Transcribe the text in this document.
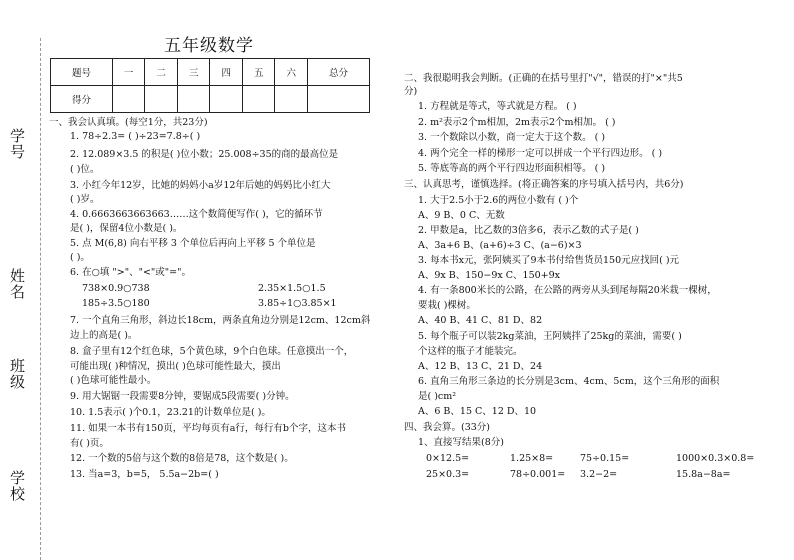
学号
姓名
班级
学校
五年级数学
题号	一	二	三	四	五	六	总分
得分							
一、我会认真填。(每空1分，共23分)
1. 78÷2.3= ( )÷23=7.8÷( )
2. 12.089×3.5 的积是( )位小数；25.008÷35的商的最高位是
( )位。
3. 小红今年12岁，比她的妈妈小a岁12年后她的妈妈比小红大
( )岁。
4. 0.6663663663663……这个数简便写作( )，它的循环节
是( )，保留4位小数是( )。
5. 点 M(6,8) 向右平移 3 个单位后再向上平移 5 个单位是
( )。
6. 在○填 ">"、"<"或"="。
738×0.9○738	2.35×1.5○1.5
185÷3.5○180	3.85÷1○3.85×1
7. 一个直角三角形，斜边长18cm，两条直角边分别是12cm、12cm斜
边上的高是( )。
8. 盒子里有12个红色球，5个黄色球，9个白色球。任意摸出一个，
可能出现( )种情况，摸出( )色球可能性最大，摸出
( )色球可能性最小。
9. 用大锯锯一段需要8分钟，要锯成5段需要( )分钟。
10. 1.5表示( )个0.1，23.21的计数单位是( )。
11. 如果一本书有150页，平均每页有a行，每行有b个字，这本书
有( )页。
12. 一个数的5倍与这个数的8倍是78，这个数是( )。
13. 当a=3，b=5， 5.5a−2b=( )
二、我很聪明我会判断。(正确的在括号里打"√"，错误的打"×"共5
分)
1. 方程就是等式，等式就是方程。 ( )
2. m²表示2个m相加，2m表示2个m相加。 ( )
3. 一个数除以小数，商一定大于这个数。 ( )
4. 两个完全一样的梯形一定可以拼成一个平行四边形。 ( )
5. 等底等高的两个平行四边形面积相等。 ( )
三、认真思考，谨慎选择。(将正确答案的序号填入括号内，共6分)
1. 大于2.5小于2.6的两位小数有 ( )个
A、9 B、0 C、无数
2. 甲数是a，比乙数的3倍多6，表示乙数的式子是( )
A、3a+6 B、(a+6)÷3 C、(a−6)×3
3. 每本书x元，张阿姨买了9本书付给售货员150元应找回( )元
A、9x B、150−9x C、150+9x
4. 有一条800米长的公路，在公路的两旁从头到尾每隔20米栽一棵树，
要栽( )棵树。
A、40 B、41 C、81 D、82
5. 每个瓶子可以装2kg菜油，王阿姨拌了25kg的菜油，需要( )
个这样的瓶子才能装完。
A、12 B、13 C、21 D、24
6. 直角三角形三条边的长分别是3cm、4cm、5cm，这个三角形的面积
是( )cm²
A、6 B、15 C、12 D、10
四、我会算。(33分)
1、直接写结果(8分)
0×12.5=	1.25×8=	75÷0.15=	1000×0.3×0.8=
25×0.3=	78÷0.001= 3.2−2=	15.8a−8a=
